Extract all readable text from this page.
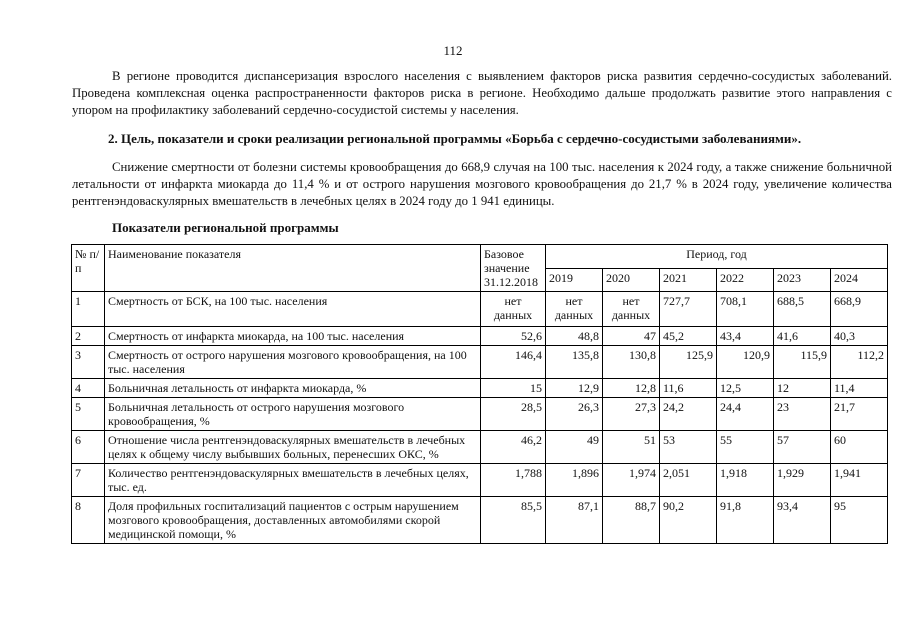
112

В регионе проводится диспансеризация взрослого населения с выявлением факторов риска развития сердечно-сосудистых заболеваний. Проведена комплексная оценка распространенности факторов риска в регионе. Необходимо дальше продолжать развитие этого направления с упором на профилактику заболеваний сердечно-сосудистой системы у населения.

2. Цель, показатели и сроки реализации региональной программы «Борьба с сердечно-сосудистыми заболеваниями».

Снижение смертности от болезни системы кровообращения до 668,9 случая на 100 тыс. населения к 2024 году, а также снижение больничной летальности от инфаркта миокарда до 11,4 % и от острого нарушения мозгового кровообращения до 21,7 % в 2024 году, увеличение количества рентгенэндоваскулярных вмешательств в лечебных целях в 2024 году до 1 941 единицы.

Показатели региональной программы

№ п/п	Наименование показателя	Базовое значение 31.12.2018	Период, год					
			2019	2020	2021	2022	2023	2024
1	Смертность от БСК, на 100 тыс. населения	нет данных	нет данных	нет данных	727,7	708,1	688,5	668,9
2	Смертность от инфаркта миокарда, на 100 тыс. населения	52,6	48,8	47	45,2	43,4	41,6	40,3
3	Смертность от острого нарушения мозгового кровообращения, на 100 тыс. населения	146,4	135,8	130,8	125,9	120,9	115,9	112,2
4	Больничная летальность от инфаркта миокарда, %	15	12,9	12,8	11,6	12,5	12	11,4
5	Больничная летальность от острого нарушения мозгового кровообращения, %	28,5	26,3	27,3	24,2	24,4	23	21,7
6	Отношение числа рентгенэндоваскулярных вмешательств в лечебных целях к общему числу выбывших больных, перенесших ОКС, %	46,2	49	51	53	55	57	60
7	Количество рентгенэндоваскулярных вмешательств в лечебных целях, тыс. ед.	1,788	1,896	1,974	2,051	1,918	1,929	1,941
8	Доля профильных госпитализаций пациентов с острым нарушением мозгового кровообращения, доставленных автомобилями скорой медицинской помощи, %	85,5	87,1	88,7	90,2	91,8	93,4	95
